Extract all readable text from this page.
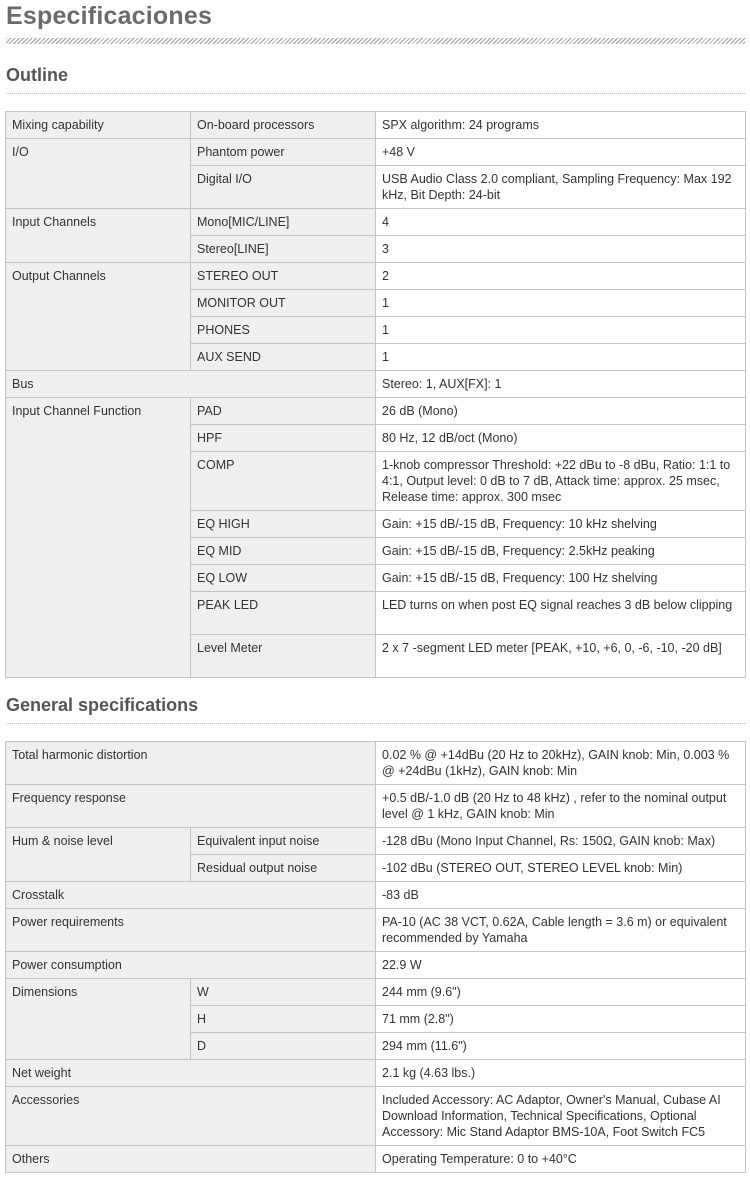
Especificaciones
Outline
Mixing capability	On-board processors	SPX algorithm: 24 programs
I/O	Phantom power	+48 V
	Digital I/O	USB Audio Class 2.0 compliant, Sampling Frequency: Max 192 kHz, Bit Depth: 24-bit
Input Channels	Mono[MIC/LINE]	4
	Stereo[LINE]	3
Output Channels	STEREO OUT	2
	MONITOR OUT	1
	PHONES	1
	AUX SEND	1
Bus		Stereo: 1, AUX[FX]: 1
Input Channel Function	PAD	26 dB (Mono)
	HPF	80 Hz, 12 dB/oct (Mono)
	COMP	1-knob compressor Threshold: +22 dBu to -8 dBu, Ratio: 1:1 to 4:1, Output level: 0 dB to 7 dB, Attack time: approx. 25 msec, Release time: approx. 300 msec
	EQ HIGH	Gain: +15 dB/-15 dB, Frequency: 10 kHz shelving
	EQ MID	Gain: +15 dB/-15 dB, Frequency: 2.5kHz peaking
	EQ LOW	Gain: +15 dB/-15 dB, Frequency: 100 Hz shelving
	PEAK LED	LED turns on when post EQ signal reaches 3 dB below clipping
	Level Meter	2 x 7 -segment LED meter [PEAK, +10, +6, 0, -6, -10, -20 dB]
General specifications
Total harmonic distortion		0.02 % @ +14dBu (20 Hz to 20kHz), GAIN knob: Min, 0.003 % @ +24dBu (1kHz), GAIN knob: Min
Frequency response		+0.5 dB/-1.0 dB (20 Hz to 48 kHz) , refer to the nominal output level @ 1 kHz, GAIN knob: Min
Hum & noise level	Equivalent input noise	-128 dBu (Mono Input Channel, Rs: 150Ω, GAIN knob: Max)
	Residual output noise	-102 dBu (STEREO OUT, STEREO LEVEL knob: Min)
Crosstalk		-83 dB
Power requirements		PA-10 (AC 38 VCT, 0.62A, Cable length = 3.6 m) or equivalent recommended by Yamaha
Power consumption		22.9 W
Dimensions	W	244 mm (9.6")
	H	71 mm (2.8")
	D	294 mm (11.6")
Net weight		2.1 kg (4.63 lbs.)
Accessories		Included Accessory: AC Adaptor, Owner's Manual, Cubase AI Download Information, Technical Specifications, Optional Accessory: Mic Stand Adaptor BMS-10A, Foot Switch FC5
Others		Operating Temperature: 0 to +40°C
